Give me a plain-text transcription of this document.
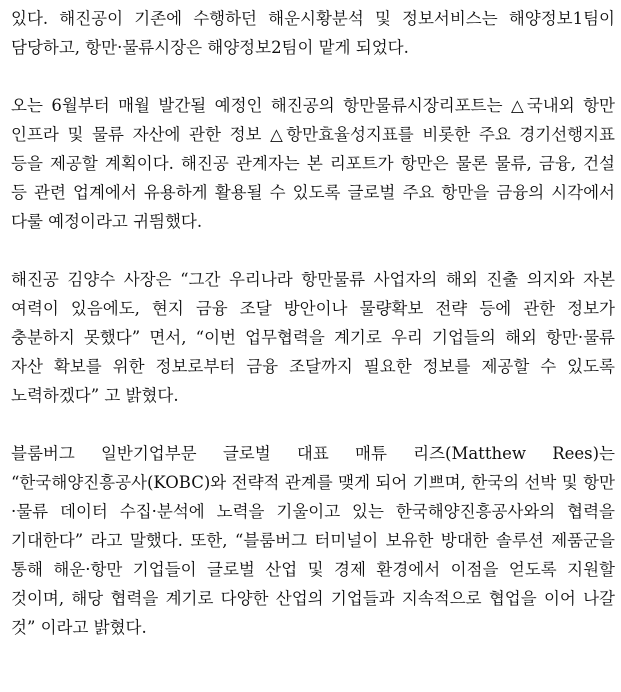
있다. 해진공이 기존에 수행하던 해운시황분석 및 정보서비스는 해양정보1팀이 담당하고, 항만·물류시장은 해양정보2팀이 맡게 되었다.

오는 6월부터 매월 발간될 예정인 해진공의 항만물류시장리포트는 △국내외 항만 인프라 및 물류 자산에 관한 정보 △항만효율성지표를 비롯한 주요 경기선행지표 등을 제공할 계획이다. 해진공 관계자는 본 리포트가 항만은 물론 물류, 금융, 건설 등 관련 업계에서 유용하게 활용될 수 있도록 글로벌 주요 항만을 금융의 시각에서 다룰 예정이라고 귀띔했다.

해진공 김양수 사장은 “그간 우리나라 항만물류 사업자의 해외 진출 의지와 자본 여력이 있음에도, 현지 금융 조달 방안이나 물량확보 전략 등에 관한 정보가 충분하지 못했다” 면서, “이번 업무협력을 계기로 우리 기업들의 해외 항만·물류 자산 확보를 위한 정보로부터 금융 조달까지 필요한 정보를 제공할 수 있도록 노력하겠다” 고 밝혔다.

블룸버그 일반기업부문 글로벌 대표 매튜 리즈(Matthew Rees)는 “한국해양진흥공사(KOBC)와 전략적 관계를 맺게 되어 기쁘며, 한국의 선박 및 항만·물류 데이터 수집·분석에 노력을 기울이고 있는 한국해양진흥공사와의 협력을 기대한다” 라고 말했다. 또한, “블룸버그 터미널이 보유한 방대한 솔루션 제품군을 통해 해운·항만 기업들이 글로벌 산업 및 경제 환경에서 이점을 얻도록 지원할 것이며, 해당 협력을 계기로 다양한 산업의 기업들과 지속적으로 협업을 이어 나갈 것” 이라고 밝혔다.
